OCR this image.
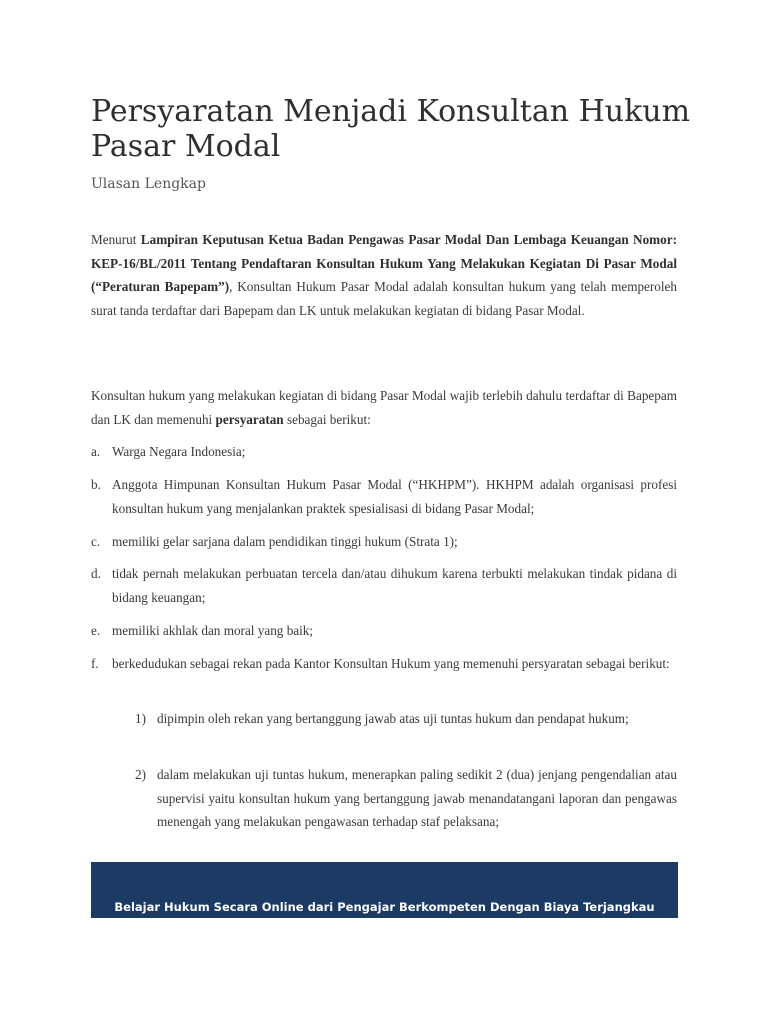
Persyaratan Menjadi Konsultan Hukum Pasar Modal

Ulasan Lengkap

Menurut Lampiran Keputusan Ketua Badan Pengawas Pasar Modal Dan Lembaga Keuangan Nomor: KEP-16/BL/2011 Tentang Pendaftaran Konsultan Hukum Yang Melakukan Kegiatan Di Pasar Modal (“Peraturan Bapepam”), Konsultan Hukum Pasar Modal adalah konsultan hukum yang telah memperoleh surat tanda terdaftar dari Bapepam dan LK untuk melakukan kegiatan di bidang Pasar Modal.

Konsultan hukum yang melakukan kegiatan di bidang Pasar Modal wajib terlebih dahulu terdaftar di Bapepam dan LK dan memenuhi persyaratan sebagai berikut:

a. Warga Negara Indonesia;
b. Anggota Himpunan Konsultan Hukum Pasar Modal (“HKHPM”). HKHPM adalah organisasi profesi konsultan hukum yang menjalankan praktek spesialisasi di bidang Pasar Modal;
c. memiliki gelar sarjana dalam pendidikan tinggi hukum (Strata 1);
d. tidak pernah melakukan perbuatan tercela dan/atau dihukum karena terbukti melakukan tindak pidana di bidang keuangan;
e. memiliki akhlak dan moral yang baik;
f.	berkedudukan sebagai rekan pada Kantor Konsultan Hukum yang memenuhi persyaratan sebagai berikut:
1) dipimpin oleh rekan yang bertanggung jawab atas uji tuntas hukum dan pendapat hukum;
2) dalam melakukan uji tuntas hukum, menerapkan paling sedikit 2 (dua) jenjang pengendalian atau supervisi yaitu konsultan hukum yang bertanggung jawab menandatangani laporan dan pengawas menengah yang melakukan pengawasan terhadap staf pelaksana;
Belajar Hukum Secara Online dari Pengajar Berkompeten Dengan Biaya Terjangkau
